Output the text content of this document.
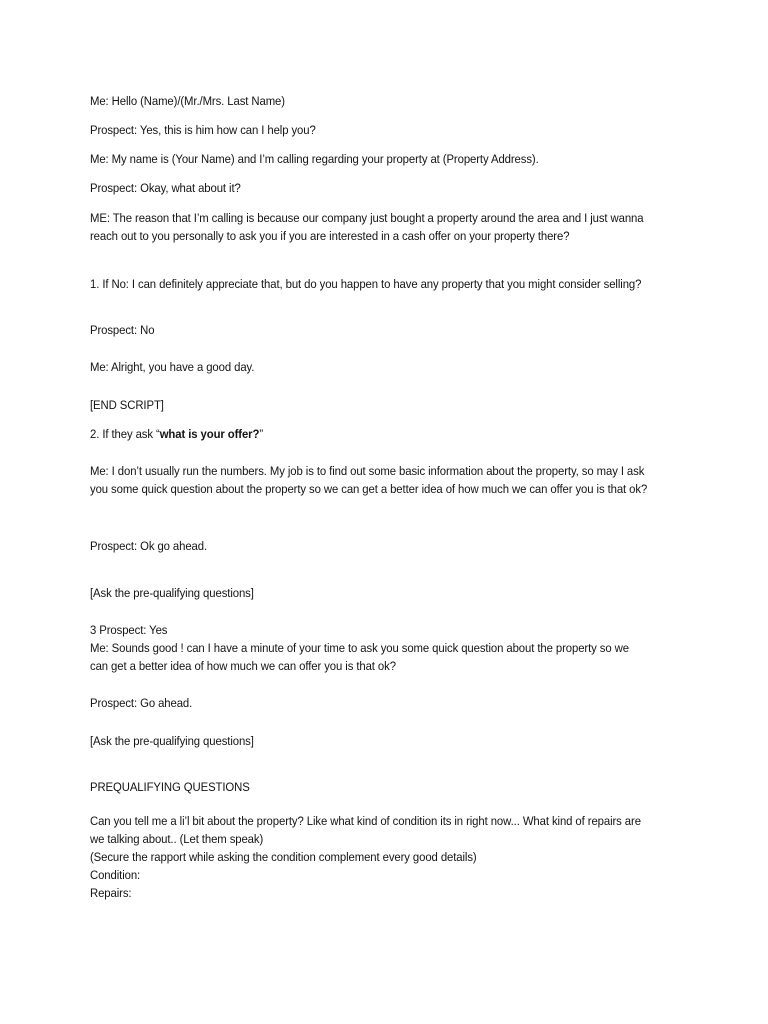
Me: Hello (Name)/(Mr./Mrs. Last Name)
Prospect: Yes, this is him how can I help you?
Me: My name is (Your Name) and I’m calling regarding your property at (Property Address).
Prospect: Okay, what about it?
ME: The reason that I’m calling is because our company just bought a property around the area and I just wanna reach out to you personally to ask you if you are interested in a cash offer on your property there?
1. If No: I can definitely appreciate that, but do you happen to have any property that you might consider selling?
Prospect: No
Me: Alright, you have a good day.
[END SCRIPT]
2. If they ask “what is your offer?”
Me: I don’t usually run the numbers. My job is to find out some basic information about the property, so may I ask you some quick question about the property so we can get a better idea of how much we can offer you is that ok?
Prospect: Ok go ahead.
[Ask the pre-qualifying questions]
3 Prospect: Yes
Me: Sounds good ! can I have a minute of your time to ask you some quick question about the property so we can get a better idea of how much we can offer you is that ok?
Prospect: Go ahead.
[Ask the pre-qualifying questions]
PREQUALIFYING QUESTIONS
Can you tell me a li’l bit about the property? Like what kind of condition its in right now... What kind of repairs are we talking about.. (Let them speak)
(Secure the rapport while asking the condition complement every good details)
Condition:
Repairs:
